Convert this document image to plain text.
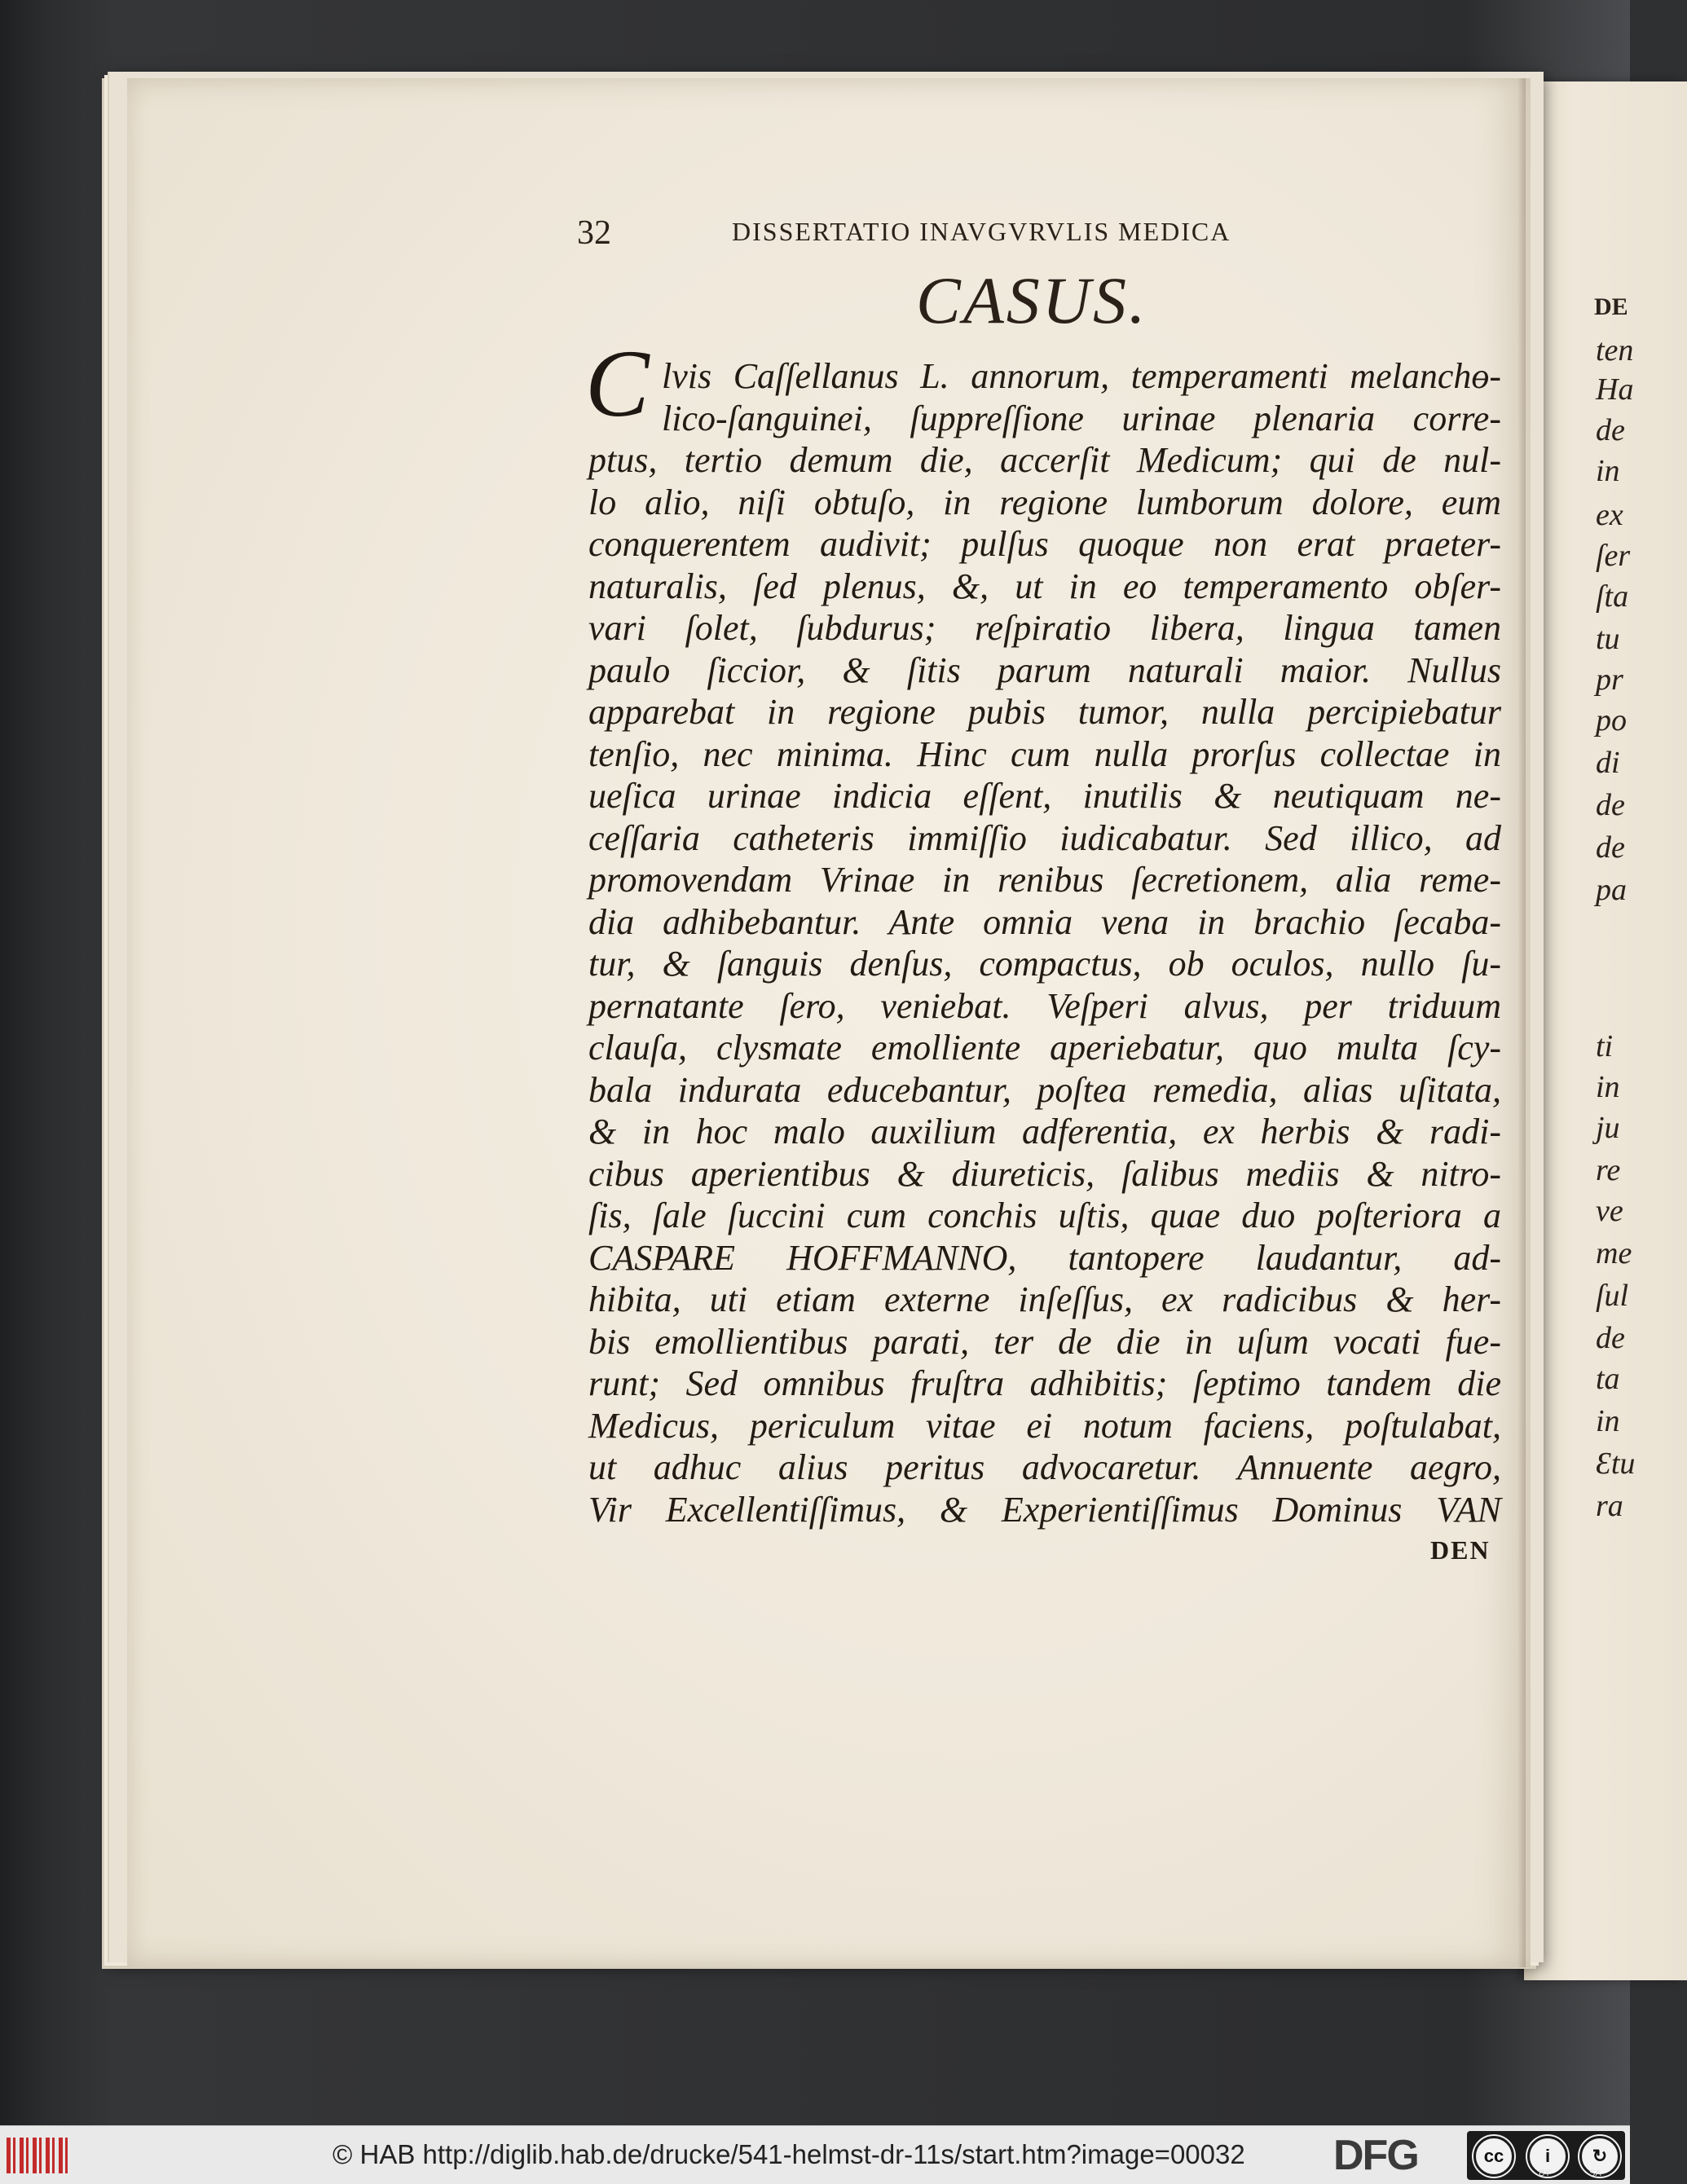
32	DISSERTATIO INAVGVRVLIS MEDICA
CASUS.
C lvis Caſſellanus L. annorum, temperamenti melanchө-
lico-ſanguinei, ſuppreſſione urinae plenaria corre-
ptus, tertio demum die, accerſit Medicum; qui de nul-
lo alio, niſi obtuſo, in regione lumborum dolore, eum
conquerentem audivit; pulſus quoque non erat praeter-
naturalis, ſed plenus, &, ut in eo temperamento obſer-
vari ſolet, ſubdurus; reſpiratio libera, lingua tamen
paulo ſiccior, & ſitis parum naturali maior. Nullus
apparebat in regione pubis tumor, nulla percipiebatur
tenſio, nec minima. Hinc cum nulla prorſus collectae in
ueſica urinae indicia eſſent, inutilis & neutiquam ne-
ceſſaria catheteris immiſſio iudicabatur. Sed illico, ad
promovendam Vrinae in renibus ſecretionem, alia reme-
dia adhibebantur. Ante omnia vena in brachio ſecaba-
tur, & ſanguis denſus, compactus, ob oculos, nullo ſu-
pernatante ſero, veniebat. Veſperi alvus, per triduum
clauſa, clysmate emolliente aperiebatur, quo multa ſcy-
bala indurata educebantur, poſtea remedia, alias uſitata,
& in hoc malo auxilium adferentia, ex herbis & radi-
cibus aperientibus & diureticis, ſalibus mediis & nitro-
ſis, ſale ſuccini cum conchis uſtis, quae duo poſteriora a
CASPARE HOFFMANNO, tantopere laudantur, ad-
hibita, uti etiam externe inſeſſus, ex radicibus & her-
bis emollientibus parati, ter de die in uſum vocati fue-
runt; Sed omnibus fruſtra adhibitis; ſeptimo tandem die
Medicus, periculum vitae ei notum faciens, poſtulabat,
ut adhuc alius peritus advocaretur. Annuente aegro,
Vir Excellentiſſimus, & Experientiſſimus Dominus VAN
DEN
DE
ten
Ha
de
in
ex
ſer
ſta
tu
pr
po
di
de
de
pa
ti
in
ju
re
ve
me
ſul
de
ta
in
Ɛtu
ra
© HAB http://diglib.hab.de/drucke/541-helmst-dr-11s/start.htm?image=00032 DFG	cc	i	↻
BY	SA
